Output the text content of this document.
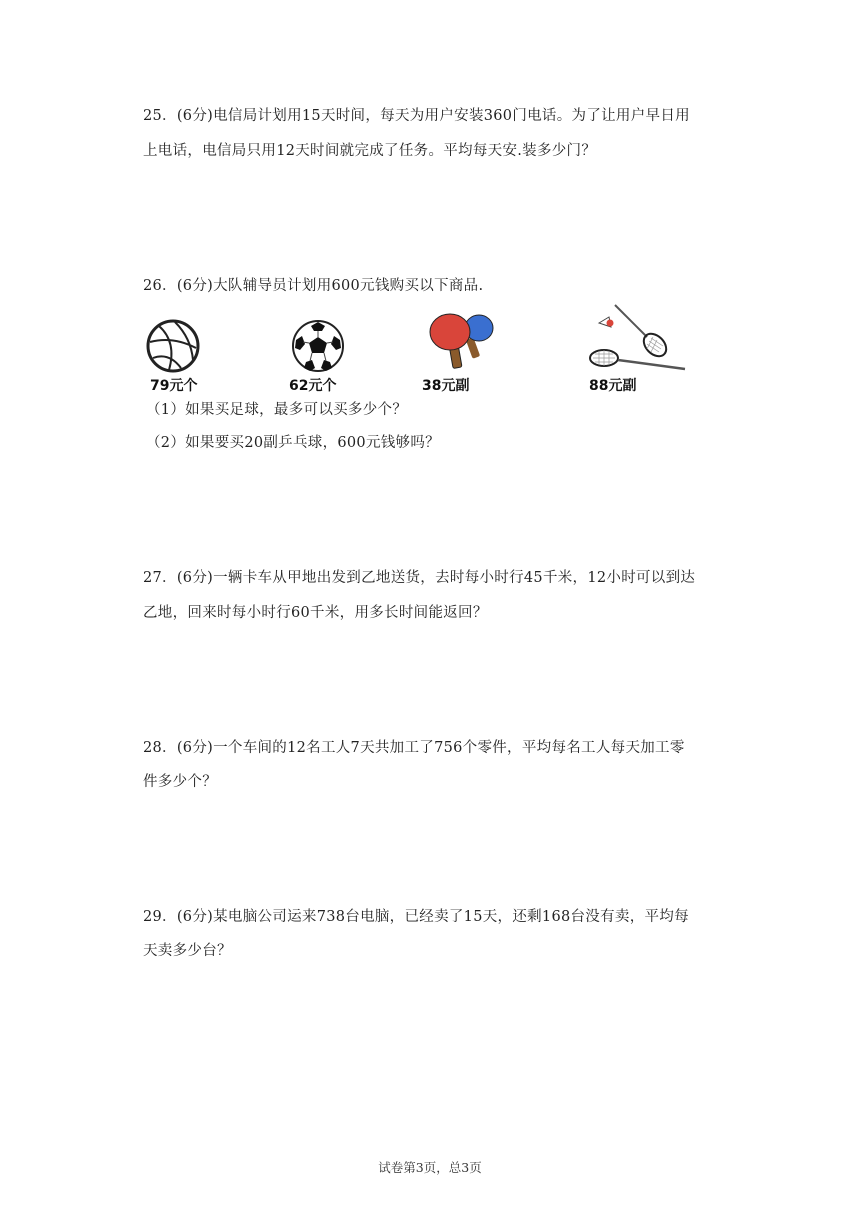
25．(6分)电信局计划用15天时间，每天为用户安装360门电话。为了让用户早日用
上电话，电信局只用12天时间就完成了任务。平均每天安.装多少门？
26．(6分)大队辅导员计划用600元钱购买以下商品.
79元个	62元个	38元副	88元副
（1）如果买足球，最多可以买多少个？
（2）如果要买20副乒乓球，600元钱够吗？
27．(6分)一辆卡车从甲地出发到乙地送货，去时每小时行45千米，12小时可以到达
乙地，回来时每小时行60千米，用多长时间能返回？
28．(6分)一个车间的12名工人7天共加工了756个零件，平均每名工人每天加工零
件多少个？
29．(6分)某电脑公司运来738台电脑，已经卖了15天，还剩168台没有卖，平均每
天卖多少台？
试卷第3页，总3页
